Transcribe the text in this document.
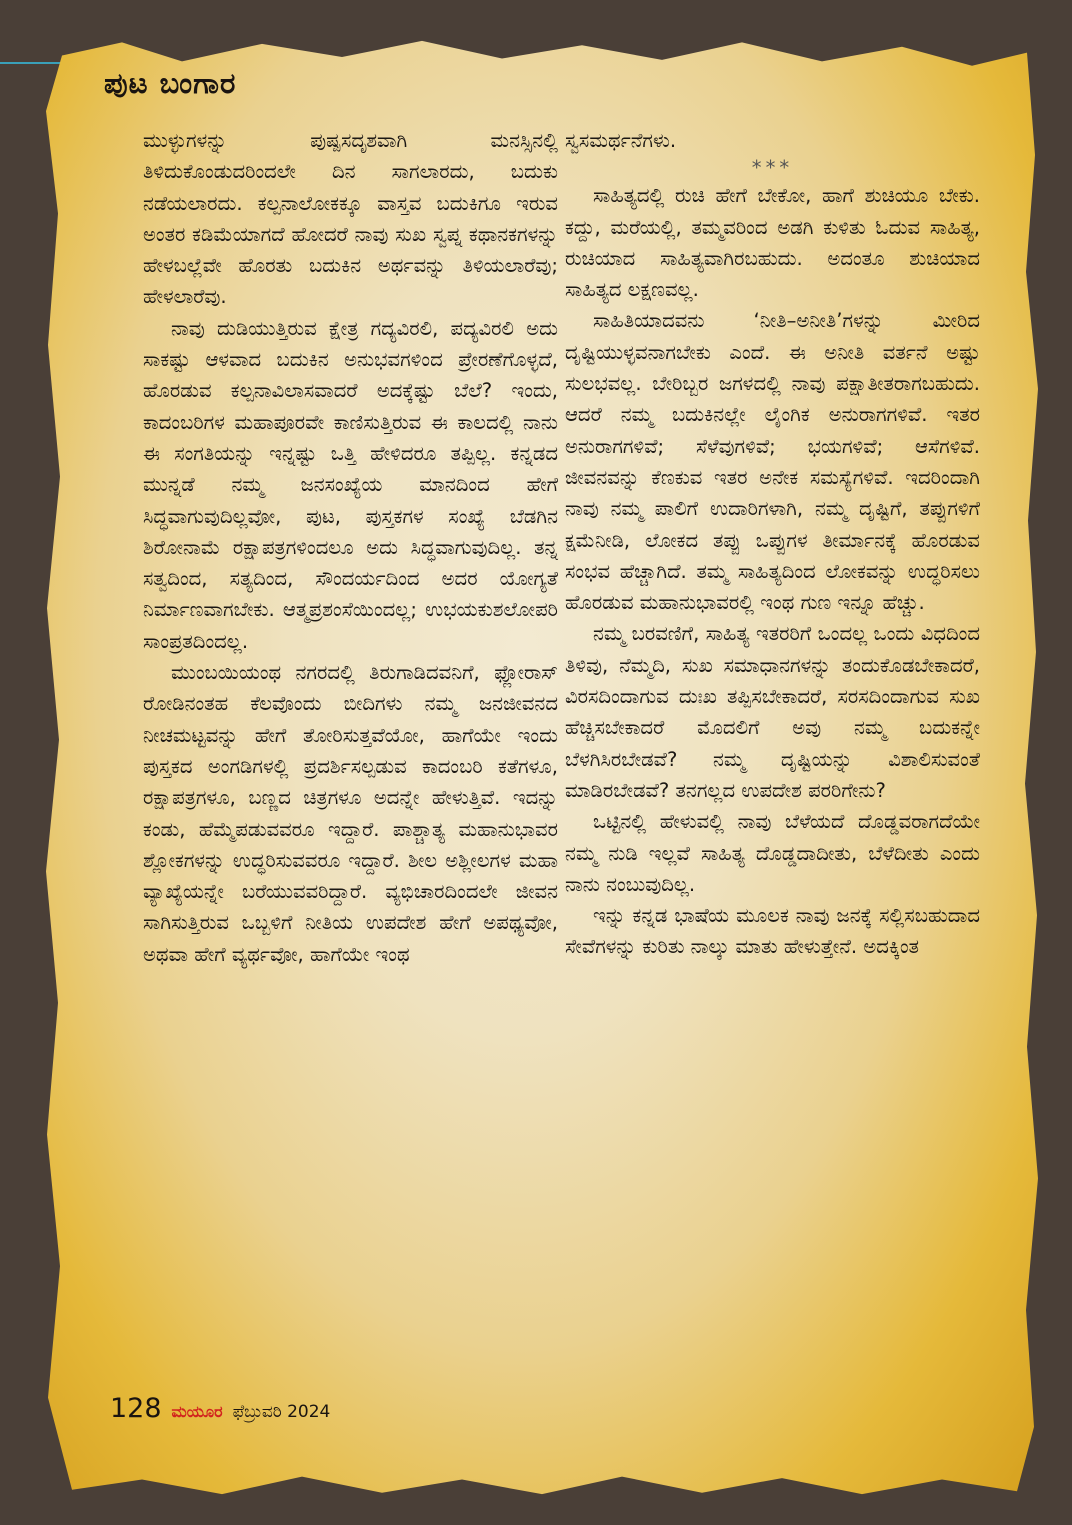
ಪುಟ ಬಂಗಾರ

ಮುಳ್ಳುಗಳನ್ನು ಪುಷ್ಪಸದೃಶವಾಗಿ ಮನಸ್ಸಿನಲ್ಲಿ ತಿಳಿದುಕೊಂಡುದರಿಂದಲೇ ದಿನ ಸಾಗಲಾರದು, ಬದುಕು ನಡೆಯಲಾರದು. ಕಲ್ಪನಾಲೋಕಕ್ಕೂ ವಾಸ್ತವ ಬದುಕಿಗೂ ಇರುವ ಅಂತರ ಕಡಿಮೆಯಾಗದೆ ಹೋದರೆ ನಾವು ಸುಖ ಸ್ವಪ್ನ ಕಥಾನಕಗಳನ್ನು ಹೇಳಬಲ್ಲೆವೇ ಹೊರತು ಬದುಕಿನ ಅರ್ಥವನ್ನು ತಿಳಿಯಲಾರೆವು; ಹೇಳಲಾರೆವು.

ನಾವು ದುಡಿಯುತ್ತಿರುವ ಕ್ಷೇತ್ರ ಗದ್ಯವಿರಲಿ, ಪದ್ಯವಿರಲಿ ಅದು ಸಾಕಷ್ಟು ಆಳವಾದ ಬದುಕಿನ ಅನುಭವಗಳಿಂದ ಪ್ರೇರಣೆಗೊಳ್ಳದೆ, ಹೊರಡುವ ಕಲ್ಪನಾವಿಲಾಸವಾದರೆ ಅದಕ್ಕೆಷ್ಟು ಬೆಲೆ? ಇಂದು, ಕಾದಂಬರಿಗಳ ಮಹಾಪೂರವೇ ಕಾಣಿಸುತ್ತಿರುವ ಈ ಕಾಲದಲ್ಲಿ ನಾನು ಈ ಸಂಗತಿಯನ್ನು ಇನ್ನಷ್ಟು ಒತ್ತಿ ಹೇಳಿದರೂ ತಪ್ಪಿಲ್ಲ. ಕನ್ನಡದ ಮುನ್ನಡೆ ನಮ್ಮ ಜನಸಂಖ್ಯೆಯ ಮಾನದಿಂದ ಹೇಗೆ ಸಿದ್ಧವಾಗುವುದಿಲ್ಲವೋ, ಪುಟ, ಪುಸ್ತಕಗಳ ಸಂಖ್ಯೆ ಬೆಡಗಿನ ಶಿರೋನಾಮೆ ರಕ್ಷಾಪತ್ರಗಳಿಂದಲೂ ಅದು ಸಿದ್ಧವಾಗುವುದಿಲ್ಲ. ತನ್ನ ಸತ್ವದಿಂದ, ಸತ್ಯದಿಂದ, ಸೌಂದರ್ಯದಿಂದ ಅದರ ಯೋಗ್ಯತೆ ನಿರ್ಮಾಣವಾಗಬೇಕು. ಆತ್ಮಪ್ರಶಂಸೆಯಿಂದಲ್ಲ; ಉಭಯಕುಶಲೋಪರಿ ಸಾಂಪ್ರತದಿಂದಲ್ಲ.

ಮುಂಬಯಿಯಂಥ ನಗರದಲ್ಲಿ ತಿರುಗಾಡಿದವನಿಗೆ, ಫ್ಲೋರಾಸ್ ರೋಡಿನಂತಹ ಕೆಲವೊಂದು ಬೀದಿಗಳು ನಮ್ಮ ಜನಜೀವನದ ನೀಚಮಟ್ಟವನ್ನು ಹೇಗೆ ತೋರಿಸುತ್ತವೆಯೋ, ಹಾಗೆಯೇ ಇಂದು ಪುಸ್ತಕದ ಅಂಗಡಿಗಳಲ್ಲಿ ಪ್ರದರ್ಶಿಸಲ್ಪಡುವ ಕಾದಂಬರಿ ಕತೆಗಳೂ, ರಕ್ಷಾಪತ್ರಗಳೂ, ಬಣ್ಣದ ಚಿತ್ರಗಳೂ ಅದನ್ನೇ ಹೇಳುತ್ತಿವೆ. ಇದನ್ನು ಕಂಡು, ಹೆಮ್ಮೆಪಡುವವರೂ ಇದ್ದಾರೆ. ಪಾಶ್ಚಾತ್ಯ ಮಹಾನುಭಾವರ ಶ್ಲೋಕಗಳನ್ನು ಉದ್ಧರಿಸುವವರೂ ಇದ್ದಾರೆ. ಶೀಲ ಅಶ್ಲೀಲಗಳ ಮಹಾ ವ್ಯಾಖ್ಯೆಯನ್ನೇ ಬರೆಯುವವರಿದ್ದಾರೆ. ವ್ಯಭಿಚಾರದಿಂದಲೇ ಜೀವನ ಸಾಗಿಸುತ್ತಿರುವ ಒಬ್ಬಳಿಗೆ ನೀತಿಯ ಉಪದೇಶ ಹೇಗೆ ಅಪಥ್ಯವೋ, ಅಥವಾ ಹೇಗೆ ವ್ಯರ್ಥವೋ, ಹಾಗೆಯೇ ಇಂಥ

ಸ್ವಸಮರ್ಥನೆಗಳು.

***

ಸಾಹಿತ್ಯದಲ್ಲಿ ರುಚಿ ಹೇಗೆ ಬೇಕೋ, ಹಾಗೆ ಶುಚಿಯೂ ಬೇಕು. ಕದ್ದು, ಮರೆಯಲ್ಲಿ, ತಮ್ಮವರಿಂದ ಅಡಗಿ ಕುಳಿತು ಓದುವ ಸಾಹಿತ್ಯ, ರುಚಿಯಾದ ಸಾಹಿತ್ಯವಾಗಿರಬಹುದು. ಅದಂತೂ ಶುಚಿಯಾದ ಸಾಹಿತ್ಯದ ಲಕ್ಷಣವಲ್ಲ.

ಸಾಹಿತಿಯಾದವನು ‘ನೀತಿ–ಅನೀತಿ’ಗಳನ್ನು ಮೀರಿದ ದೃಷ್ಟಿಯುಳ್ಳವನಾಗಬೇಕು ಎಂದೆ. ಈ ಅನೀತಿ ವರ್ತನೆ ಅಷ್ಟು ಸುಲಭವಲ್ಲ. ಬೇರಿಬ್ಬರ ಜಗಳದಲ್ಲಿ ನಾವು ಪಕ್ಷಾತೀತರಾಗಬಹುದು. ಆದರೆ ನಮ್ಮ ಬದುಕಿನಲ್ಲೇ ಲೈಂಗಿಕ ಅನುರಾಗಗಳಿವೆ. ಇತರ ಅನುರಾಗಗಳಿವೆ; ಸೆಳೆವುಗಳಿವೆ; ಭಯಗಳಿವೆ; ಆಸೆಗಳಿವೆ. ಜೀವನವನ್ನು ಕೆಣಕುವ ಇತರ ಅನೇಕ ಸಮಸ್ಯೆಗಳಿವೆ. ಇದರಿಂದಾಗಿ ನಾವು ನಮ್ಮ ಪಾಲಿಗೆ ಉದಾರಿಗಳಾಗಿ, ನಮ್ಮ ದೃಷ್ಟಿಗೆ, ತಪ್ಪುಗಳಿಗೆ ಕ್ಷಮೆನೀಡಿ, ಲೋಕದ ತಪ್ಪು ಒಪ್ಪುಗಳ ತೀರ್ಮಾನಕ್ಕೆ ಹೊರಡುವ ಸಂಭವ ಹೆಚ್ಚಾಗಿದೆ. ತಮ್ಮ ಸಾಹಿತ್ಯದಿಂದ ಲೋಕವನ್ನು ಉದ್ಧರಿಸಲು ಹೊರಡುವ ಮಹಾನುಭಾವರಲ್ಲಿ ಇಂಥ ಗುಣ ಇನ್ನೂ ಹೆಚ್ಚು.

ನಮ್ಮ ಬರವಣಿಗೆ, ಸಾಹಿತ್ಯ ಇತರರಿಗೆ ಒಂದಲ್ಲ ಒಂದು ವಿಧದಿಂದ ತಿಳಿವು, ನೆಮ್ಮದಿ, ಸುಖ ಸಮಾಧಾನಗಳನ್ನು ತಂದುಕೊಡಬೇಕಾದರೆ, ವಿರಸದಿಂದಾಗುವ ದುಃಖ ತಪ್ಪಿಸಬೇಕಾದರೆ, ಸರಸದಿಂದಾಗುವ ಸುಖ ಹೆಚ್ಚಿಸಬೇಕಾದರೆ ಮೊದಲಿಗೆ ಅವು ನಮ್ಮ ಬದುಕನ್ನೇ ಬೆಳಗಿಸಿರಬೇಡವೆ? ನಮ್ಮ ದೃಷ್ಟಿಯನ್ನು ವಿಶಾಲಿಸುವಂತೆ ಮಾಡಿರಬೇಡವೆ? ತನಗಲ್ಲದ ಉಪದೇಶ ಪರರಿಗೇನು?

ಒಟ್ಟಿನಲ್ಲಿ ಹೇಳುವಲ್ಲಿ ನಾವು ಬೆಳೆಯದೆ ದೊಡ್ಡವರಾಗದೆಯೇ ನಮ್ಮ ನುಡಿ ಇಲ್ಲವೆ ಸಾಹಿತ್ಯ ದೊಡ್ಡದಾದೀತು, ಬೆಳೆದೀತು ಎಂದು ನಾನು ನಂಬುವುದಿಲ್ಲ.

ಇನ್ನು ಕನ್ನಡ ಭಾಷೆಯ ಮೂಲಕ ನಾವು ಜನಕ್ಕೆ ಸಲ್ಲಿಸಬಹುದಾದ ಸೇವೆಗಳನ್ನು ಕುರಿತು ನಾಲ್ಕು ಮಾತು ಹೇಳುತ್ತೇನೆ. ಅದಕ್ಕಿಂತ

128 ಮಯೂರ ಫೆಬ್ರುವರಿ 2024
